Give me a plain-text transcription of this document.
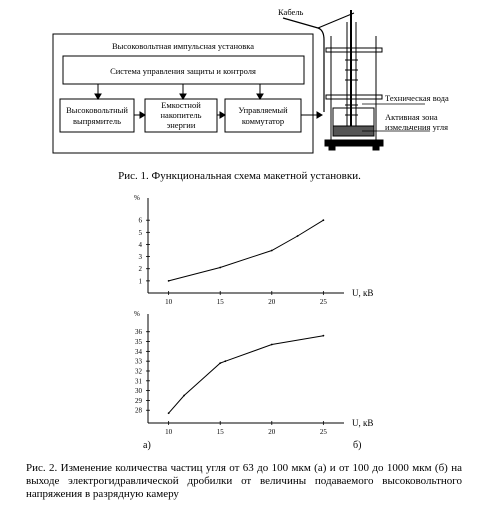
Высоковольтная импульсная установка
Система управления защиты и контроля
Высоковольтный
выпрямитель
Емкостной
накопитель
энергии
Управляемый
коммутатор
Кабель
Техническая вода
Активная зона
измельчения угля
Рис. 1. Функциональная схема макетной установки.
1
2
3
4
5
6
10	15	20	25
%
U, кВ
а)
28
29
30
31
32
33
34
35
36
10	15	20	25
%
U, кВ
б)
Рис. 2. Изменение количества частиц угля от 63 до 100 мкм (а) и от 100 до 1000 мкм (б) на выходе электрогидравлической дробилки от величины подаваемого высоковольтного напряжения в разрядную камеру
